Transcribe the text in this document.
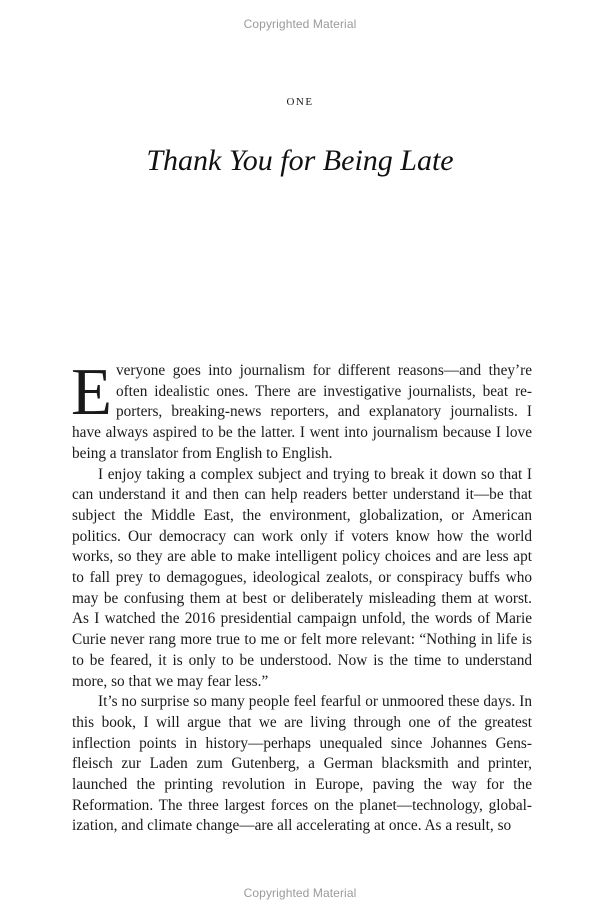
Copyrighted Material
ONE
Thank You for Being Late

Everyone goes into journalism for different reasons—and they’re often idealistic ones. There are investigative journalists, beat reporters, breaking-news reporters, and explanatory journalists. I have always aspired to be the latter. I went into journalism because I love being a translator from English to English.

I enjoy taking a complex subject and trying to break it down so that I can understand it and then can help readers better understand it—be that subject the Middle East, the environment, globalization, or American politics. Our democracy can work only if voters know how the world works, so they are able to make intelligent policy choices and are less apt to fall prey to demagogues, ideological zealots, or conspiracy buffs who may be confusing them at best or deliberately misleading them at worst. As I watched the 2016 presidential campaign unfold, the words of Marie Curie never rang more true to me or felt more relevant: “Nothing in life is to be feared, it is only to be understood. Now is the time to understand more, so that we may fear less.”

It’s no surprise so many people feel fearful or unmoored these days. In this book, I will argue that we are living through one of the greatest inflection points in history—perhaps unequaled since Johannes Gensfleisch zur Laden zum Gutenberg, a German blacksmith and printer, launched the printing revolution in Europe, paving the way for the Reformation. The three largest forces on the planet—technology, globalization, and climate change—are all accelerating at once. As a result, so

Copyrighted Material
